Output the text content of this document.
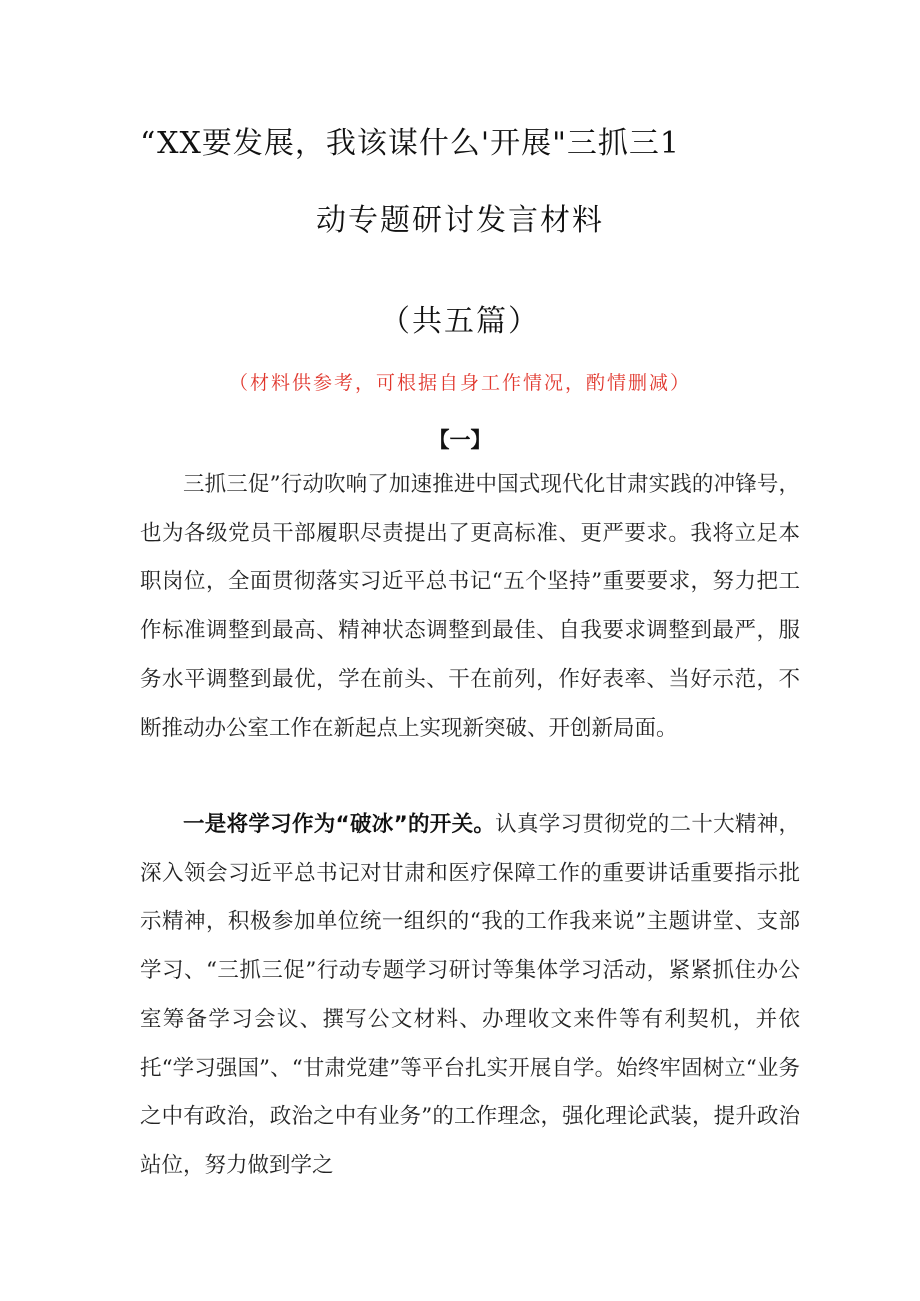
“XX要发展，我该谋什么'开展"三抓三1
动专题研讨发言材料
（共五篇）
（材料供参考，可根据自身工作情况，酌情删减）
【一】

三抓三促”行动吹响了加速推进中国式现代化甘肃实践的冲锋号，也为各级党员干部履职尽责提出了更高标准、更严要求。我将立足本职岗位，全面贯彻落实习近平总书记“五个坚持”重要要求，努力把工作标准调整到最高、精神状态调整到最佳、自我要求调整到最严，服务水平调整到最优，学在前头、干在前列，作好表率、当好示范，不断推动办公室工作在新起点上实现新突破、开创新局面。

一是将学习作为“破冰”的开关。认真学习贯彻党的二十大精神，深入领会习近平总书记对甘肃和医疗保障工作的重要讲话重要指示批示精神，积极参加单位统一组织的“我的工作我来说”主题讲堂、支部学习、“三抓三促”行动专题学习研讨等集体学习活动，紧紧抓住办公室筹备学习会议、撰写公文材料、办理收文来件等有利契机，并依托“学习强国”、“甘肃党建”等平台扎实开展自学。始终牢固树立“业务之中有政治，政治之中有业务”的工作理念，强化理论武装，提升政治站位，努力做到学之
